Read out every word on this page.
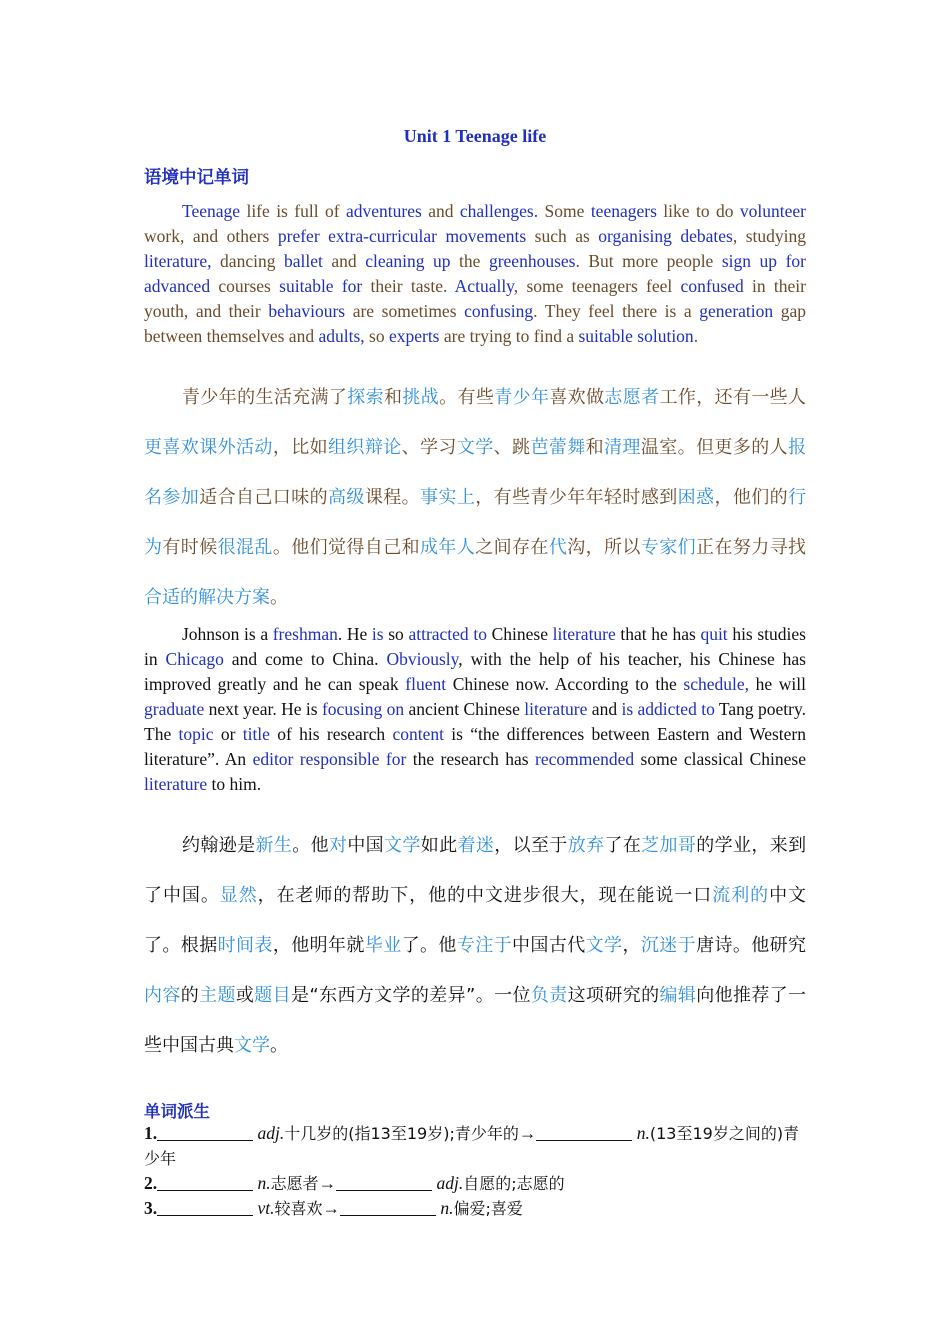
Unit 1 Teenage life
语境中记单词
Teenage life is full of adventures and challenges. Some teenagers like to do volunteer work, and others prefer extra-curricular movements such as organising debates, studying literature, dancing ballet and cleaning up the greenhouses. But more people sign up for advanced courses suitable for their taste. Actually, some teenagers feel confused in their youth, and their behaviours are sometimes confusing. They feel there is a generation gap between themselves and adults, so experts are trying to find a suitable solution.
青少年的生活充满了探索和挑战。有些青少年喜欢做志愿者工作，还有一些人更喜欢课外活动，比如组织辩论、学习文学、跳芭蕾舞和清理温室。但更多的人报名参加适合自己口味的高级课程。事实上，有些青少年年轻时感到困惑，他们的行为有时候很混乱。他们觉得自己和成年人之间存在代沟，所以专家们正在努力寻找合适的解决方案。
Johnson is a freshman. He is so attracted to Chinese literature that he has quit his studies in Chicago and come to China. Obviously, with the help of his teacher, his Chinese has improved greatly and he can speak fluent Chinese now. According to the schedule, he will graduate next year. He is focusing on ancient Chinese literature and is addicted to Tang poetry. The topic or title of his research content is “the differences between Eastern and Western literature”. An editor responsible for the research has recommended some classical Chinese literature to him.
约翰逊是新生。他对中国文学如此着迷，以至于放弃了在芝加哥的学业，来到了中国。显然，在老师的帮助下，他的中文进步很大，现在能说一口流利的中文了。根据时间表，他明年就毕业了。他专注于中国古代文学，沉迷于唐诗。他研究内容的主题或题目是“东西方文学的差异”。一位负责这项研究的编辑向他推荐了一些中国古典文学。
单词派生
1.	adj.十几岁的(指13至19岁);青少年的→	n.(13至19岁之间的)青少年
2.	n.志愿者→	adj.自愿的;志愿的
3.	vt.较喜欢→	n.偏爱;喜爱
